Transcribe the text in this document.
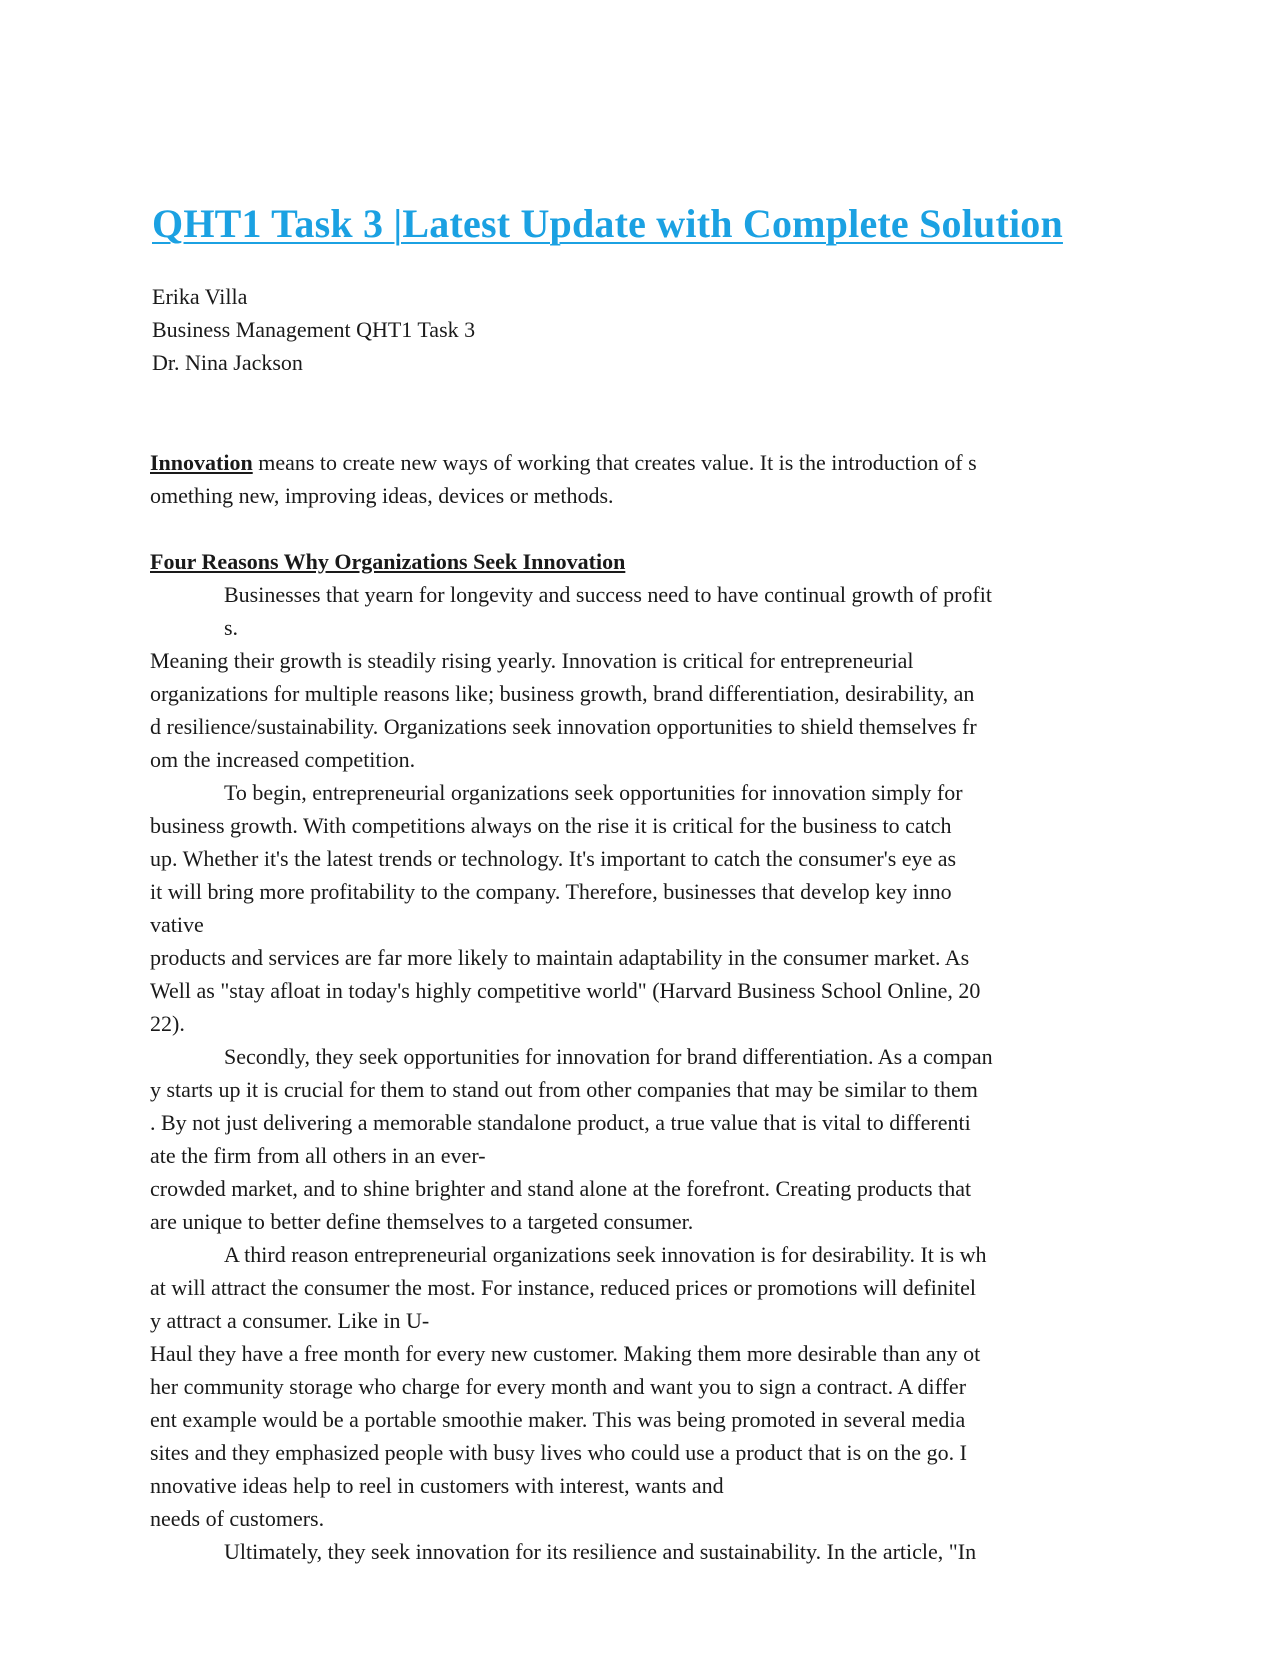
QHT1 Task 3 |Latest Update with Complete Solution
Erika Villa
Business Management QHT1 Task 3
Dr. Nina Jackson
Innovation means to create new ways of working that creates value. It is the introduction of s
omething new, improving ideas, devices or methods.
Four Reasons Why Organizations Seek Innovation
Businesses that yearn for longevity and success need to have continual growth of profit
s.
Meaning their growth is steadily rising yearly. Innovation is critical for entrepreneurial
organizations for multiple reasons like; business growth, brand differentiation, desirability, an
d resilience/sustainability. Organizations seek innovation opportunities to shield themselves fr
om the increased competition.
To begin, entrepreneurial organizations seek opportunities for innovation simply for
business growth. With competitions always on the rise it is critical for the business to catch
up. Whether it's the latest trends or technology. It's important to catch the consumer's eye as
it will bring more profitability to the company. Therefore, businesses that develop key inno
vative
products and services are far more likely to maintain adaptability in the consumer market. As
Well as "stay afloat in today's highly competitive world" (Harvard Business School Online, 20
22).
Secondly, they seek opportunities for innovation for brand differentiation. As a compan
y starts up it is crucial for them to stand out from other companies that may be similar to them
. By not just delivering a memorable standalone product, a true value that is vital to differenti
ate the firm from all others in an ever-
crowded market, and to shine brighter and stand alone at the forefront. Creating products that
are unique to better define themselves to a targeted consumer.
A third reason entrepreneurial organizations seek innovation is for desirability. It is wh
at will attract the consumer the most. For instance, reduced prices or promotions will definitel
y attract a consumer. Like in U-
Haul they have a free month for every new customer. Making them more desirable than any ot
her community storage who charge for every month and want you to sign a contract. A differ
ent example would be a portable smoothie maker. This was being promoted in several media
sites and they emphasized people with busy lives who could use a product that is on the go. I
nnovative ideas help to reel in customers with interest, wants and
needs of customers.
Ultimately, they seek innovation for its resilience and sustainability. In the article, "In
